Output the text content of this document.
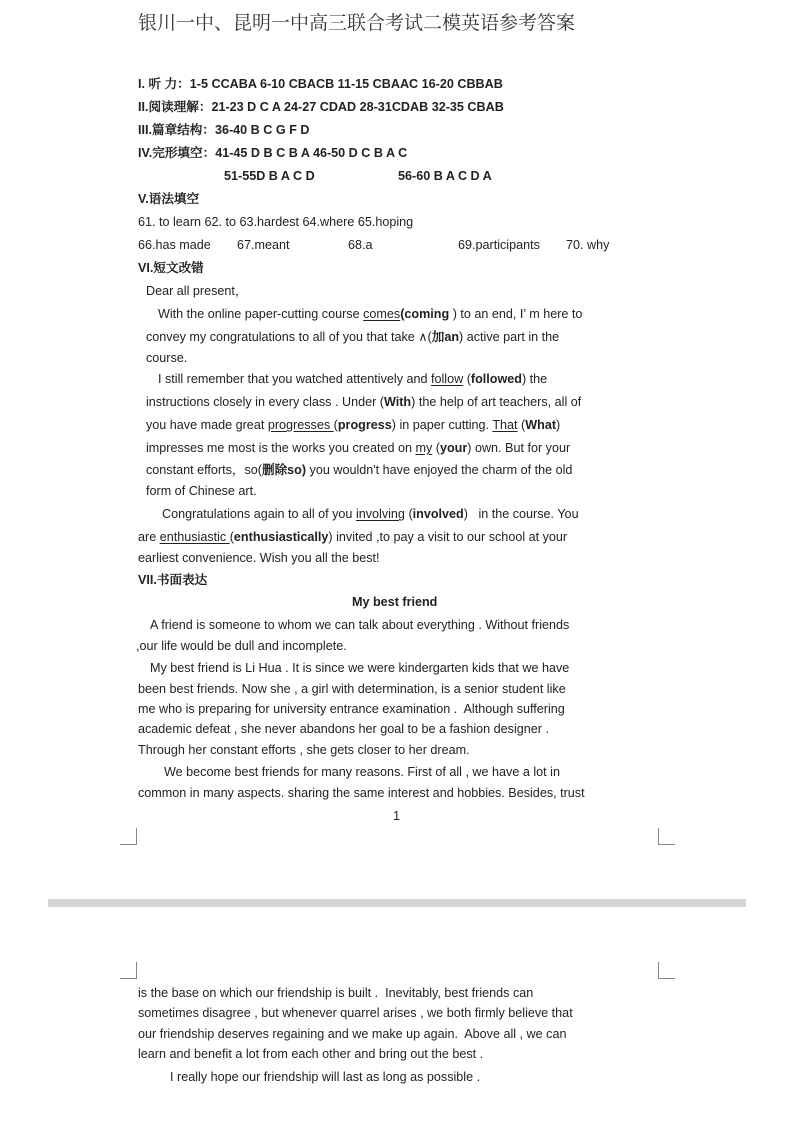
银川一中、昆明一中高三联合考试二模英语参考答案
I. 听 力：1-5 CCABA 6-10 CBACB 11-15 CBAAC 16-20 CBBAB
II.阅读理解：21-23 D C A 24-27 CDAD 28-31CDAB 32-35 CBAB
III.篇章结构：36-40 B C G F D
IV.完形填空：41-45 D B C B A 46-50 D C B A C
51-55D B A C D	56-60 B A C D A
V.语法填空
61. to learn 62. to 63.hardest 64.where 65.hoping
66.has made 67.meant	68.a	69.participants 70. why
VI.短文改错
Dear all present，
With the online paper-cutting course comes(coming ) to an end, I’ m here to
convey my congratulations to all of you that take ∧(加an) active part in the
course.
I still remember that you watched attentively and follow (followed) the
instructions closely in every class . Under (With) the help of art teachers, all of
you have made great progresses (progress) in paper cutting. That (What)
impresses me most is the works you created on my (your) own. But for your
constant efforts，so(删除so) you wouldn't have enjoyed the charm of the old
form of Chinese art.
Congratulations again to all of you involving (involved)   in the course. You
are enthusiastic (enthusiastically) invited ,to pay a visit to our school at your
earliest convenience. Wish you all the best!
VII.书面表达
My best friend
A friend is someone to whom we can talk about everything . Without friends
,our life would be dull and incomplete.
My best friend is Li Hua . It is since we were kindergarten kids that we have
been best friends. Now she , a girl with determination, is a senior student like
me who is preparing for university entrance examination .  Although suffering
academic defeat , she never abandons her goal to be a fashion designer .
Through her constant efforts , she gets closer to her dream.
We become best friends for many reasons. First of all , we have a lot in
common in many aspects. sharing the same interest and hobbies. Besides, trust
1
is the base on which our friendship is built .  Inevitably, best friends can
sometimes disagree , but whenever quarrel arises , we both firmly believe that
our friendship deserves regaining and we make up again.  Above all , we can
learn and benefit a lot from each other and bring out the best .
I really hope our friendship will last as long as possible .
